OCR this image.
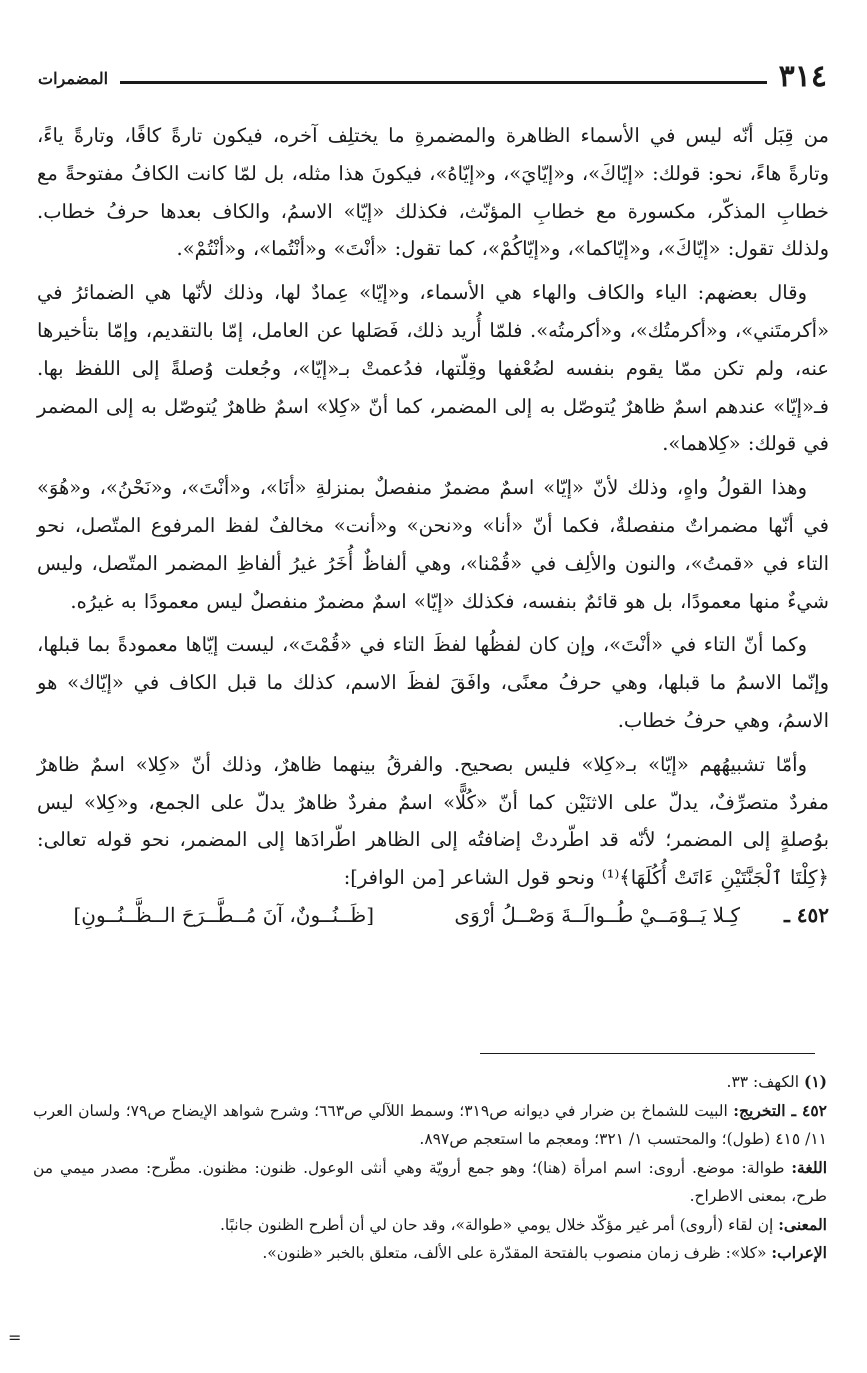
٣١٤
المضمرات

من قِبَل أنّه ليس في الأسماء الظاهرة والمضمرةِ ما يختلِف آخره، فيكون تارةً كافًا، وتارةً ياءً، وتارةً هاءً، نحو: قولك: «إيّاكَ»، و«إيّايَ»، و«إيّاهُ»، فيكونَ هذا مثله، بل لمّا كانت الكافُ مفتوحةً مع خطابِ المذكّر، مكسورة مع خطابِ المؤنّث، فكذلك «إيّا» الاسمُ، والكاف بعدها حرفُ خطاب. ولذلك تقول: «إيّاكَ»، و«إيّاكما»، و«إيّاكُمْ»، كما تقول: «أنْتَ» و«أنْتُما»، و«أنْتُمْ».

وقال بعضهم: الياء والكاف والهاء هي الأسماء، و«إيّا» عِمادٌ لها، وذلك لأنّها هي الضمائرُ في «أكرمتَني»، و«أكرمتُك»، و«أكرمتُه». فلمّا أُريد ذلك، فَصَلها عن العامل، إمّا بالتقديم، وإمّا بتأخيرها عنه، ولم تكن ممّا يقوم بنفسه لضُعْفها وقِلّتها، فدُعمتْ بـ«إيّا»، وجُعلت وُصلةً إلى اللفظ بها. فـ«إيّا» عندهم اسمٌ ظاهرٌ يُتوصّل به إلى المضمر، كما أنّ «كِلا» اسمٌ ظاهرٌ يُتوصّل به إلى المضمر في قولك: «كِلاهما».

وهذا القولُ واهٍ، وذلك لأنّ «إيّا» اسمٌ مضمرٌ منفصلٌ بمنزلةِ «أنَا»، و«أنْتَ»، و«نَحْنُ»، و«هُوَ» في أنّها مضمراتٌ منفصلةٌ، فكما أنّ «أنا» و«نحن» و«أنت» مخالفٌ لفظ المرفوع المتّصل، نحو التاء في «قمتُ»، والنون والألِف في «قُمْنا»، وهي ألفاظٌ أُخَرُ غيرُ ألفاظِ المضمر المتّصل، وليس شيءٌ منها معمودًا، بل هو قائمٌ بنفسه، فكذلك «إيّا» اسمٌ مضمرٌ منفصلٌ ليس معمودًا به غيرُه.

وكما أنّ التاء في «أنْتَ»، وإن كان لفظُها لفظَ التاء في «قُمْتَ»، ليست إيّاها معمودةً بما قبلها، وإنّما الاسمُ ما قبلها، وهي حرفُ معنًى، وافَقَ لفظَ الاسم، كذلك ما قبل الكاف في «إيّاك» هو الاسمُ، وهي حرفُ خطاب.

وأمّا تشبيهُهم «إيّا» بـ«كِلا» فليس بصحيح. والفرقُ بينهما ظاهرٌ، وذلك أنّ «كِلا» اسمٌ ظاهرٌ مفردٌ متصرِّفٌ، يدلّ على الاثنَيْن كما أنّ «كُلًّا» اسمٌ مفردٌ ظاهرٌ يدلّ على الجمع، و«كِلا» ليس بوُصلةٍ إلى المضمر؛ لأنّه قد اطّردتْ إضافتُه إلى الظاهر اطّرادَها إلى المضمر، نحو قوله تعالى: ﴿كِلْتَا ٱلْجَنَّتَيْنِ ءَاتَتْ أُكُلَهَا﴾⁽¹⁾ ونحو قول الشاعر [من الوافر]:

٤٥٢ ـ
كِـلا يَــوْمَــيْ طُــوالَــةَ وَصْــلُ أرْوَى
[ظَــنُــونٌ، آنَ مُــطَّــرَحَ الــظَّــنُــونِ]

(١) الكهف: ٣٣.

٤٥٢ ـ التخريج: البيت للشماخ بن ضرار في ديوانه ص٣١٩؛ وسمط اللآلي ص٦٦٣؛ وشرح شواهد الإيضاح ص٧٩؛ ولسان العرب ١١/ ٤١٥ (طول)؛ والمحتسب ١/ ٣٢١؛ ومعجم ما استعجم ص٨٩٧.

اللغة: طوالة: موضع. أروى: اسم امرأة (هنا)؛ وهو جمع أرويّة وهي أنثى الوعول. ظنون: مظنون. مطّرح: مصدر ميمي من طرح، بمعنى الاطراح.

المعنى: إن لقاء (أروى) أمر غير مؤكّد خلال يومي «طوالة»، وقد حان لي أن أطرح الظنون جانبًا.

الإعراب: «كلا»: ظرف زمان منصوب بالفتحة المقدّرة على الألف، متعلق بالخبر «ظنون».

=
